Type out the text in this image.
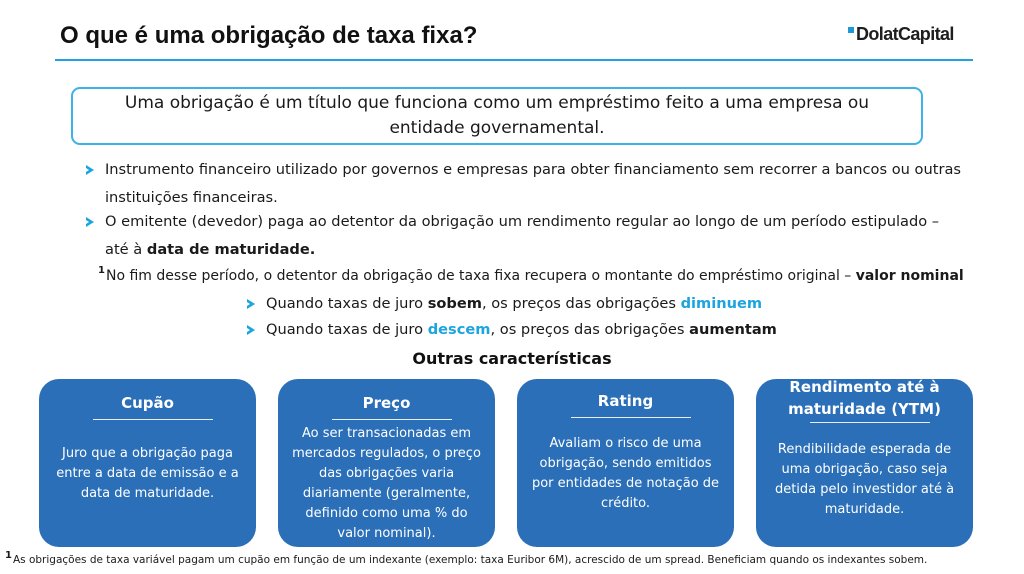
O que é uma obrigação de taxa fixa?	DolatCapital
Uma obrigação é um título que funciona como um empréstimo feito a uma empresa ou entidade governamental.
Instrumento financeiro utilizado por governos e empresas para obter financiamento sem recorrer a bancos ou outras instituições financeiras.
O emitente (devedor) paga ao detentor da obrigação um rendimento regular ao longo de um período estipulado – até à data de maturidade.
$^1$No fim desse período, o detentor da obrigação de taxa fixa recupera o montante do empréstimo original – valor nominal
Quando taxas de juro sobem, os preços das obrigações diminuem
Quando taxas de juro descem, os preços das obrigações aumentam
Outras características
Cupão
Juro que a obrigação paga entre a data de emissão e a data de maturidade.
Preço
Ao ser transacionadas em mercados regulados, o preço das obrigações varia diariamente (geralmente, definido como uma % do valor nominal).
Rating
Avaliam o risco de uma obrigação, sendo emitidos por entidades de notação de crédito.
Rendimento até à maturidade (YTM)
Rendibilidade esperada de uma obrigação, caso seja detida pelo investidor até à maturidade.
$^1$As obrigações de taxa variável pagam um cupão em função de um indexante (exemplo: taxa Euribor 6M), acrescido de um spread. Beneficiam quando os indexantes sobem.
